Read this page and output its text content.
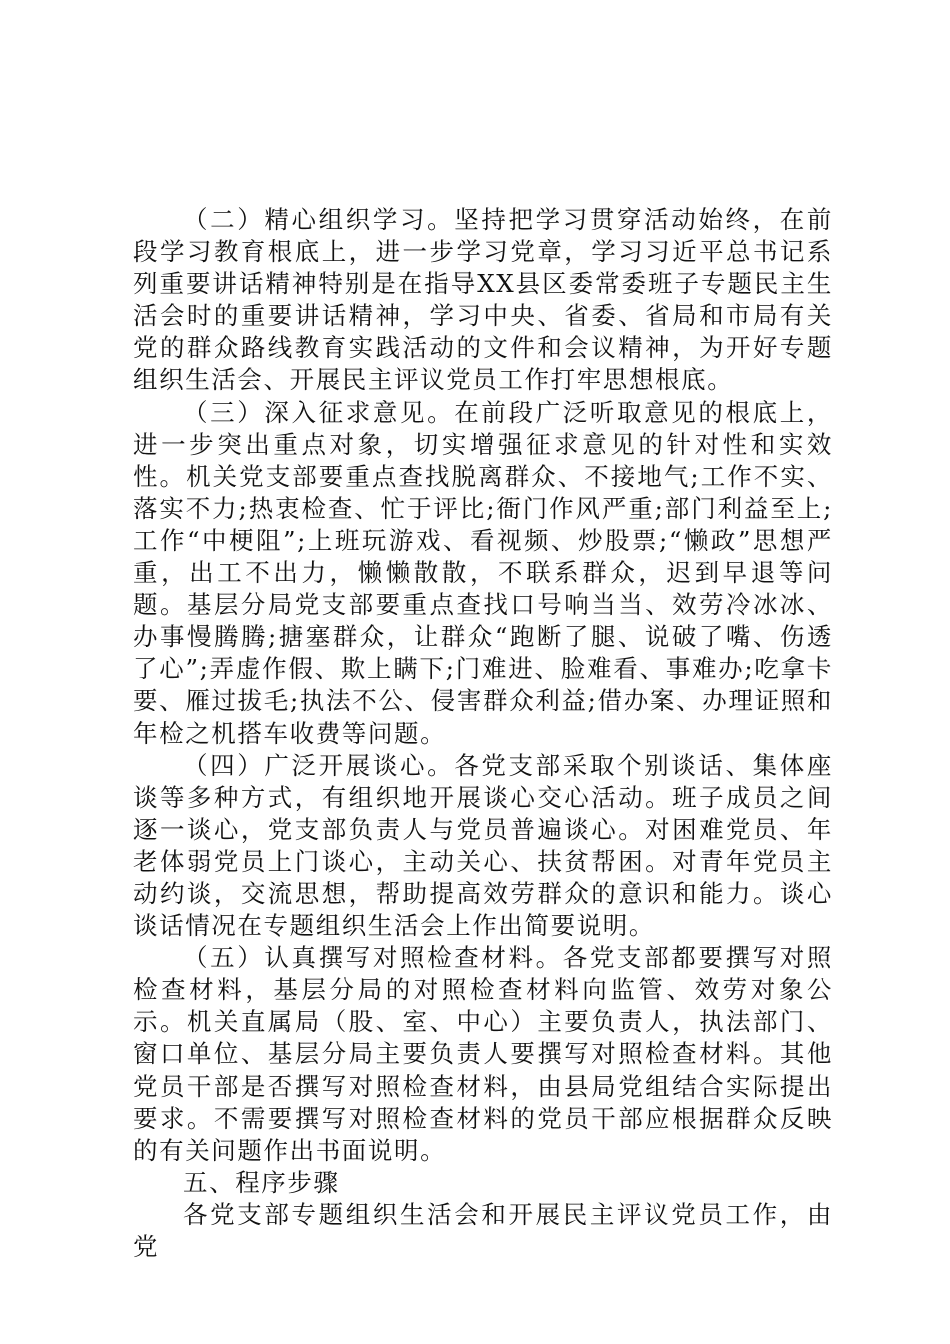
（二）精心组织学习。坚持把学习贯穿活动始终，在前段学习教育根底上，进一步学习党章，学习习近平总书记系列重要讲话精神特别是在指导XX县区委常委班子专题民主生活会时的重要讲话精神，学习中央、省委、省局和市局有关党的群众路线教育实践活动的文件和会议精神，为开好专题组织生活会、开展民主评议党员工作打牢思想根底。

（三）深入征求意见。在前段广泛听取意见的根底上，进一步突出重点对象，切实增强征求意见的针对性和实效性。机关党支部要重点查找脱离群众、不接地气;工作不实、落实不力;热衷检查、忙于评比;衙门作风严重;部门利益至上;工作“中梗阻”;上班玩游戏、看视频、炒股票;“懒政”思想严重，出工不出力，懒懒散散，不联系群众，迟到早退等问题。基层分局党支部要重点查找口号响当当、效劳冷冰冰、办事慢腾腾;搪塞群众，让群众“跑断了腿、说破了嘴、伤透了心”;弄虚作假、欺上瞒下;门难进、脸难看、事难办;吃拿卡要、雁过拔毛;执法不公、侵害群众利益;借办案、办理证照和年检之机搭车收费等问题。

（四）广泛开展谈心。各党支部采取个别谈话、集体座谈等多种方式，有组织地开展谈心交心活动。班子成员之间逐一谈心，党支部负责人与党员普遍谈心。对困难党员、年老体弱党员上门谈心，主动关心、扶贫帮困。对青年党员主动约谈，交流思想，帮助提高效劳群众的意识和能力。谈心谈话情况在专题组织生活会上作出简要说明。

（五）认真撰写对照检查材料。各党支部都要撰写对照检查材料，基层分局的对照检查材料向监管、效劳对象公示。机关直属局（股、室、中心）主要负责人，执法部门、窗口单位、基层分局主要负责人要撰写对照检查材料。其他党员干部是否撰写对照检查材料，由县局党组结合实际提出要求。不需要撰写对照检查材料的党员干部应根据群众反映的有关问题作出书面说明。

五、程序步骤

各党支部专题组织生活会和开展民主评议党员工作，由党
